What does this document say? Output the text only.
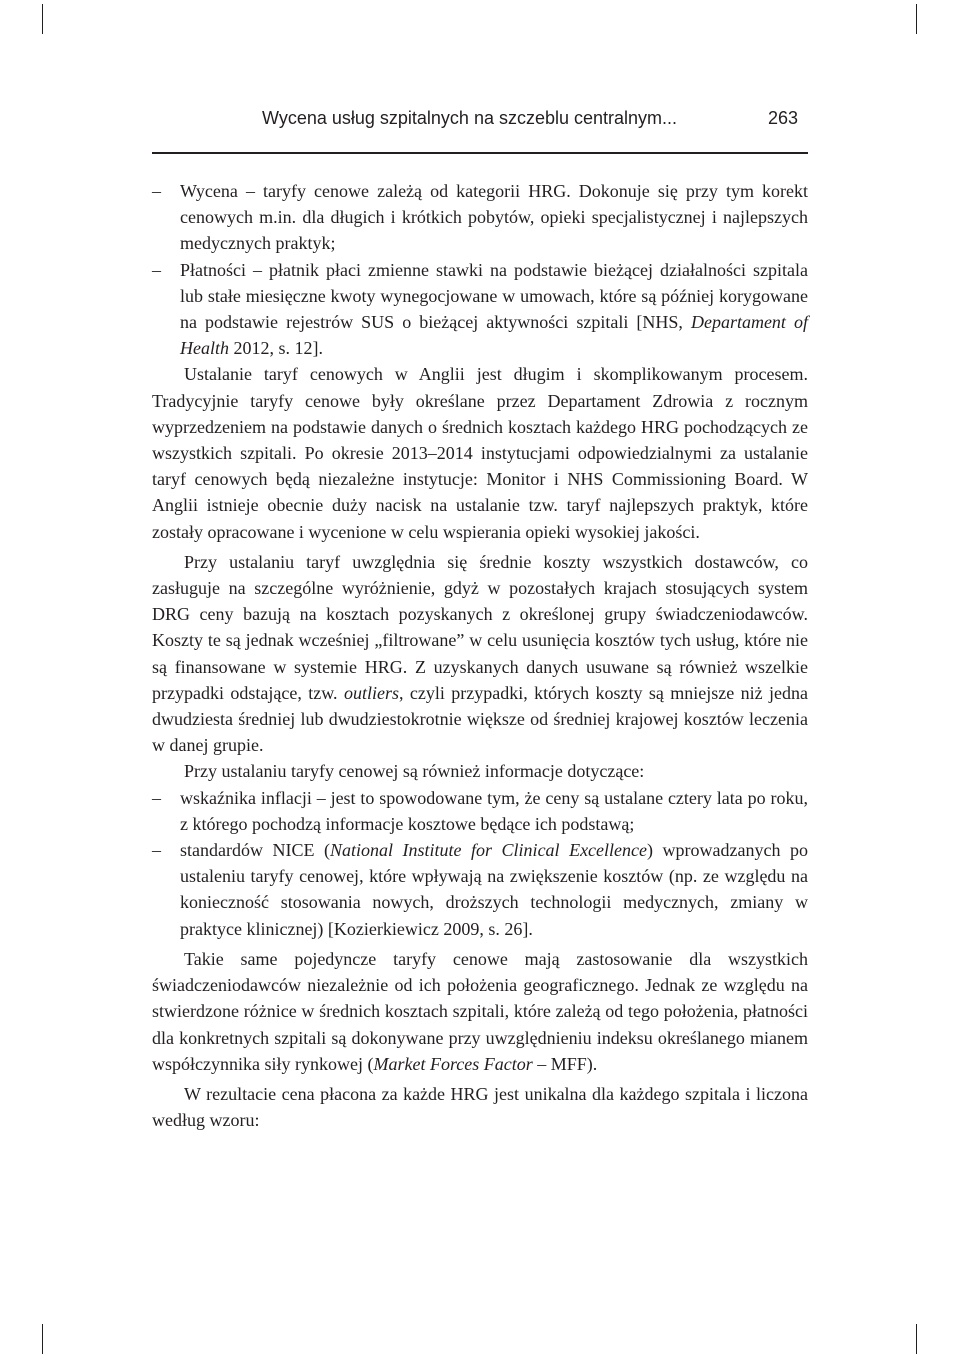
Wycena usług szpitalnych na szczeblu centralnym...	263
– Wycena – taryfy cenowe zależą od kategorii HRG. Dokonuje się przy tym korekt cenowych m.in. dla długich i krótkich pobytów, opieki specjalistycznej i najlepszych medycznych praktyk;

– Płatności – płatnik płaci zmienne stawki na podstawie bieżącej działalności szpitala lub stałe miesięczne kwoty wynegocjowane w umowach, które są później korygowane na podstawie rejestrów SUS o bieżącej aktywności szpitali [NHS, Departament of Health 2012, s. 12].

Ustalanie taryf cenowych w Anglii jest długim i skomplikowanym procesem. Tradycyjnie taryfy cenowe były określane przez Departament Zdrowia z rocznym wyprzedzeniem na podstawie danych o średnich kosztach każdego HRG pochodzących ze wszystkich szpitali. Po okresie 2013–2014 instytucjami odpowiedzialnymi za ustalanie taryf cenowych będą niezależne instytucje: Monitor i NHS Commissioning Board. W Anglii istnieje obecnie duży nacisk na ustalanie tzw. taryf najlepszych praktyk, które zostały opracowane i wycenione w celu wspierania opieki wysokiej jakości.

Przy ustalaniu taryf uwzględnia się średnie koszty wszystkich dostawców, co zasługuje na szczególne wyróżnienie, gdyż w pozostałych krajach stosujących system DRG ceny bazują na kosztach pozyskanych z określonej grupy świadczeniodawców. Koszty te są jednak wcześniej „filtrowane” w celu usunięcia kosztów tych usług, które nie są finansowane w systemie HRG. Z uzyskanych danych usuwane są również wszelkie przypadki odstające, tzw. outliers, czyli przypadki, których koszty są mniejsze niż jedna dwudziesta średniej lub dwudziestokrotnie większe od średniej krajowej kosztów leczenia w danej grupie.

Przy ustalaniu taryfy cenowej są również informacje dotyczące:

– wskaźnika inflacji – jest to spowodowane tym, że ceny są ustalane cztery lata po roku, z którego pochodzą informacje kosztowe będące ich podstawą;

– standardów NICE (National Institute for Clinical Excellence) wprowadzanych po ustaleniu taryfy cenowej, które wpływają na zwiększenie kosztów (np. ze względu na konieczność stosowania nowych, droższych technologii medycznych, zmiany w praktyce klinicznej) [Kozierkiewicz 2009, s. 26].

Takie same pojedyncze taryfy cenowe mają zastosowanie dla wszystkich świadczeniodawców niezależnie od ich położenia geograficznego. Jednak ze względu na stwierdzone różnice w średnich kosztach szpitali, które zależą od tego położenia, płatności dla konkretnych szpitali są dokonywane przy uwzględnieniu indeksu określanego mianem współczynnika siły rynkowej (Market Forces Factor – MFF).

W rezultacie cena płacona za każde HRG jest unikalna dla każdego szpitala i liczona według wzoru:
